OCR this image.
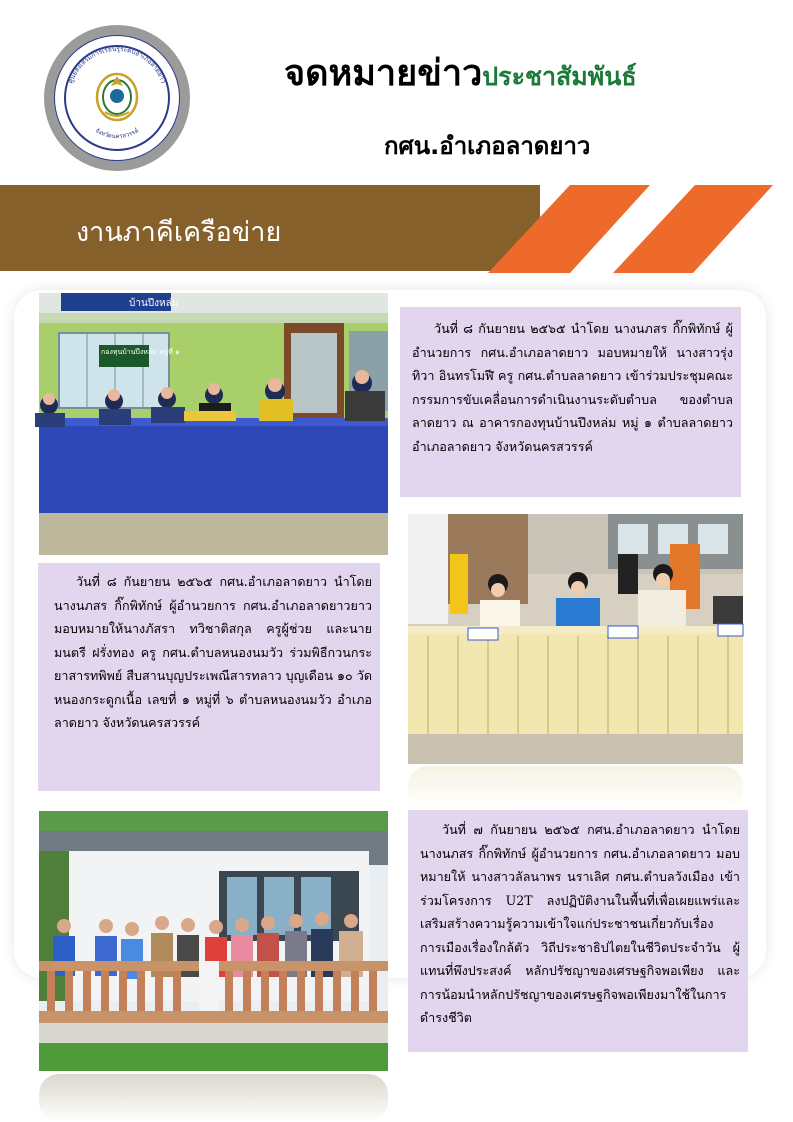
ศูนย์ส่งเสริมการเรียนรู้ระดับอำเภอลาดยาว
จังหวัดนครสวรรค์
จดหมายข่าวประชาสัมพันธ์
กศน.อำเภอลาดยาว
งานภาคีเครือข่าย
บ้านปึงหล่ม
กองทุนบ้านปึงหล่ม หมู่ที่ ๑

วันที่ ๘ กันยายน ๒๕๖๕ นำโดย นางนภสร กิ๊กพิทักษ์ ผู้อำนวยการ กศน.อำเภอลาดยาว มอบหมายให้ นางสาวรุ่งทิวา อินทรโมฬี ครู กศน.ตำบลลาดยาว เข้าร่วมประชุมคณะกรรมการขับเคลื่อนการดำเนินงานระดับตำบล ของตำบลลาดยาว ณ อาคารกองทุนบ้านปึงหล่ม หมู่ ๑ ตำบลลาดยาว อำเภอลาดยาว จังหวัดนครสวรรค์

วันที่ ๘ กันยายน ๒๕๖๕ กศน.อำเภอลาดยาว นำโดยนางนภสร กิ๊กพิทักษ์ ผู้อำนวยการ กศน.อำเภอลาดยาวยาว มอบหมายให้นางภัสรา ทวิชาติสกุล ครูผู้ช่วย และนายมนตรี ฝรั่งทอง ครู กศน.ตำบลหนองนมวัว ร่วมพิธีกวนกระยาสารทพิพย์ สืบสานบุญประเพณีสารทลาว บุญเดือน ๑๐ วัดหนองกระดูกเนื้อ เลขที่ ๑ หมู่ที่ ๖ ตำบลหนองนมวัว อำเภอลาดยาว จังหวัดนครสวรรค์

วันที่ ๗ กันยายน ๒๕๖๕ กศน.อำเภอลาดยาว นำโดย นางนภสร กิ๊กพิทักษ์ ผู้อำนวยการ กศน.อำเภอลาดยาว มอบหมายให้ นางสาวลัลนาพร นราเลิศ กศน.ตำบลวังเมือง เข้าร่วมโครงการ U2T ลงปฏิบัติงานในพื้นที่เพื่อเผยแพร่และเสริมสร้างความรู้ความเข้าใจแก่ประชาชนเกี่ยวกับเรื่องการเมืองเรื่องใกล้ตัว วิถีประชาธิปไตยในชีวิตประจำวัน ผู้แทนที่พึงประสงค์ หลักปรัชญาของเศรษฐกิจพอเพียง และการน้อมนำหลักปรัชญาของเศรษฐกิจพอเพียงมาใช้ในการดำรงชีวิต
